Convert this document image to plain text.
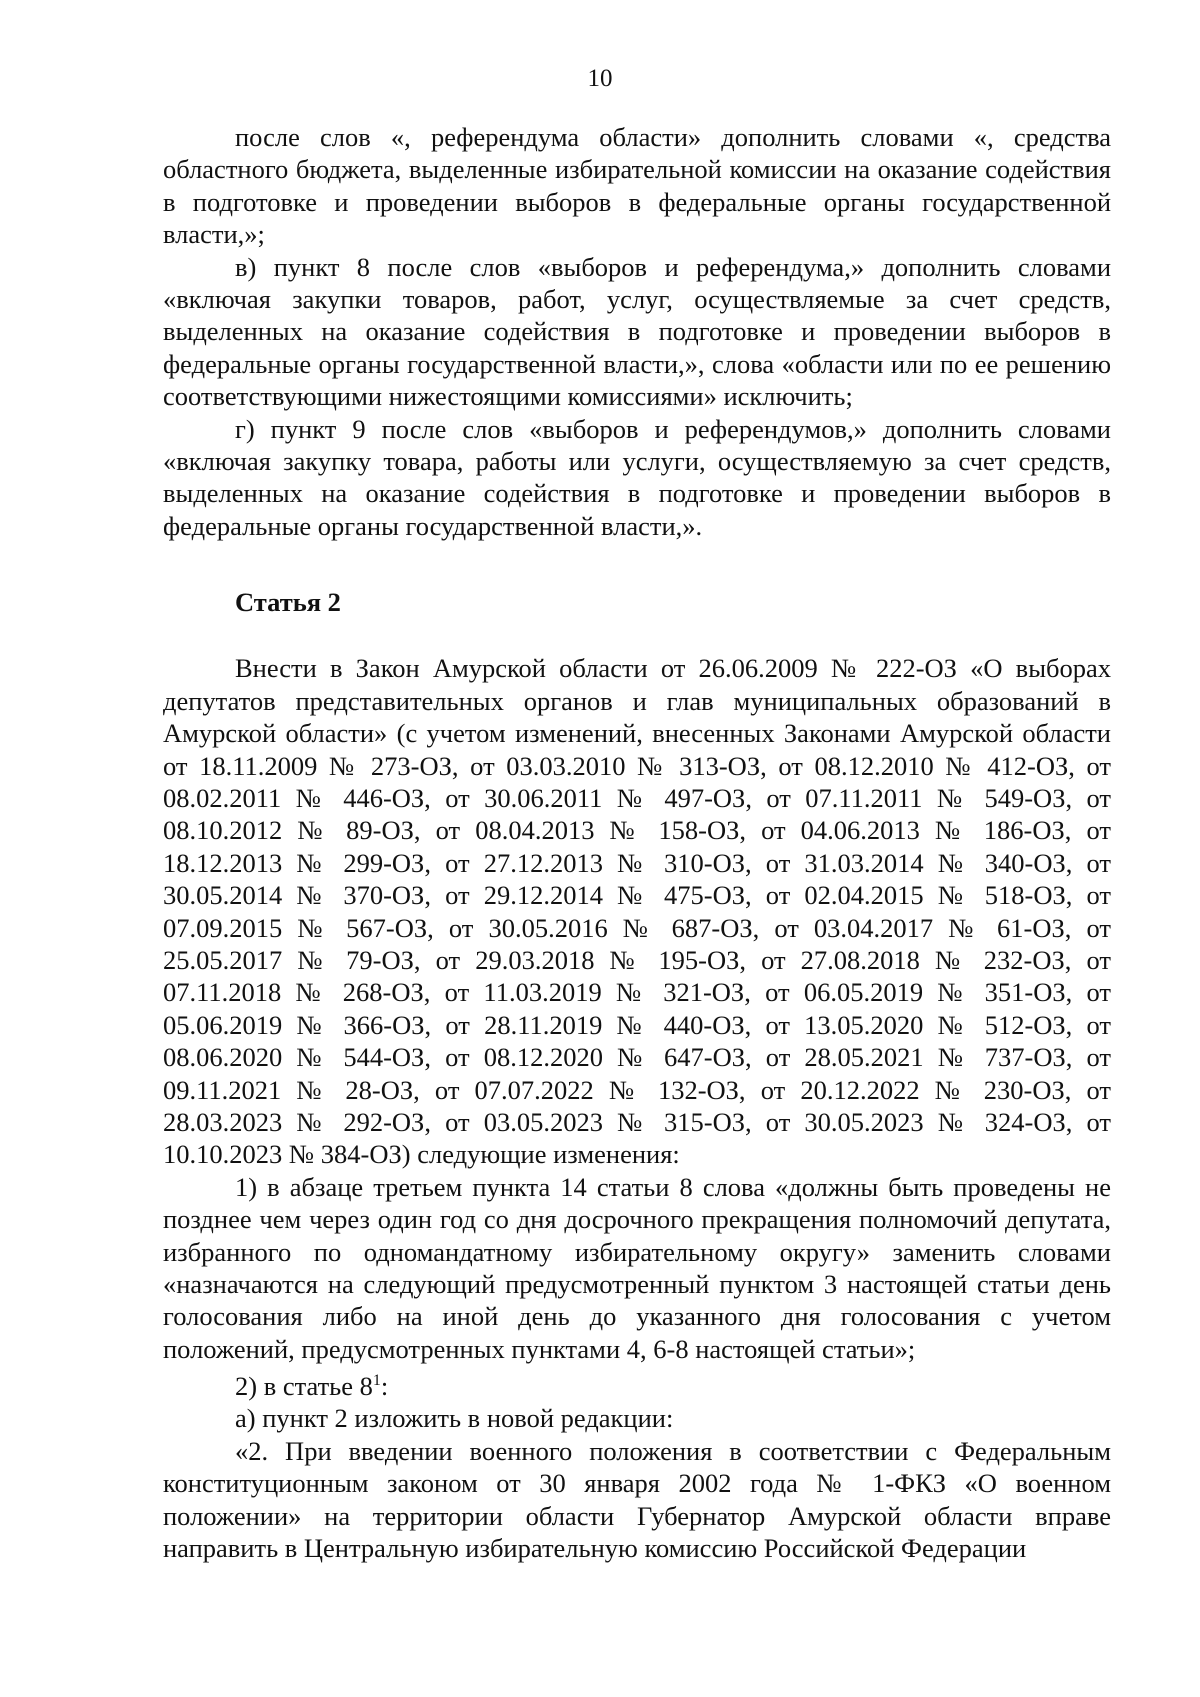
10

после слов «, референдума области» дополнить словами «, средства областного бюджета, выделенные избирательной комиссии на оказание содействия в подготовке и проведении выборов в федеральные органы государственной власти,»;

в) пункт 8 после слов «выборов и референдума,» дополнить словами «включая закупки товаров, работ, услуг, осуществляемые за счет средств, выделенных на оказание содействия в подготовке и проведении выборов в федеральные органы государственной власти,», слова «области или по ее решению соответствующими нижестоящими комиссиями» исключить;

г) пункт 9 после слов «выборов и референдумов,» дополнить словами «включая закупку товара, работы или услуги, осуществляемую за счет средств, выделенных на оказание содействия в подготовке и проведении выборов в федеральные органы государственной власти,».

Статья 2

Внести в Закон Амурской области от 26.06.2009 № 222-ОЗ «О выборах депутатов представительных органов и глав муниципальных образований в Амурской области» (с учетом изменений, внесенных Законами Амурской области от 18.11.2009 № 273-ОЗ, от 03.03.2010 № 313-ОЗ, от 08.12.2010 № 412-ОЗ, от 08.02.2011 № 446-ОЗ, от 30.06.2011 № 497-ОЗ, от 07.11.2011 № 549-ОЗ, от 08.10.2012 № 89-ОЗ, от 08.04.2013 № 158-ОЗ, от 04.06.2013 № 186-ОЗ, от 18.12.2013 № 299-ОЗ, от 27.12.2013 № 310-ОЗ, от 31.03.2014 № 340-ОЗ, от 30.05.2014 № 370-ОЗ, от 29.12.2014 № 475-ОЗ, от 02.04.2015 № 518-ОЗ, от 07.09.2015 № 567-ОЗ, от 30.05.2016 № 687-ОЗ, от 03.04.2017 № 61-ОЗ, от 25.05.2017 № 79-ОЗ, от 29.03.2018 № 195-ОЗ, от 27.08.2018 № 232-ОЗ, от 07.11.2018 № 268-ОЗ, от 11.03.2019 № 321-ОЗ, от 06.05.2019 № 351-ОЗ, от 05.06.2019 № 366-ОЗ, от 28.11.2019 № 440-ОЗ, от 13.05.2020 № 512-ОЗ, от 08.06.2020 № 544-ОЗ, от 08.12.2020 № 647-ОЗ, от 28.05.2021 № 737-ОЗ, от 09.11.2021 № 28-ОЗ, от 07.07.2022 № 132-ОЗ, от 20.12.2022 № 230-ОЗ, от 28.03.2023 № 292-ОЗ, от 03.05.2023 № 315-ОЗ, от 30.05.2023 № 324-ОЗ, от 10.10.2023 № 384-ОЗ) следующие изменения:

1) в абзаце третьем пункта 14 статьи 8 слова «должны быть проведены не позднее чем через один год со дня досрочного прекращения полномочий депутата, избранного по одномандатному избирательному округу» заменить словами «назначаются на следующий предусмотренный пунктом 3 настоящей статьи день голосования либо на иной день до указанного дня голосования с учетом положений, предусмотренных пунктами 4, 6-8 настоящей статьи»;

2) в статье $8^1$:

а) пункт 2 изложить в новой редакции:

«2. При введении военного положения в соответствии с Федеральным конституционным законом от 30 января 2002 года № 1-ФКЗ «О военном положении» на территории области Губернатор Амурской области вправе направить в Центральную избирательную комиссию Российской Федерации
